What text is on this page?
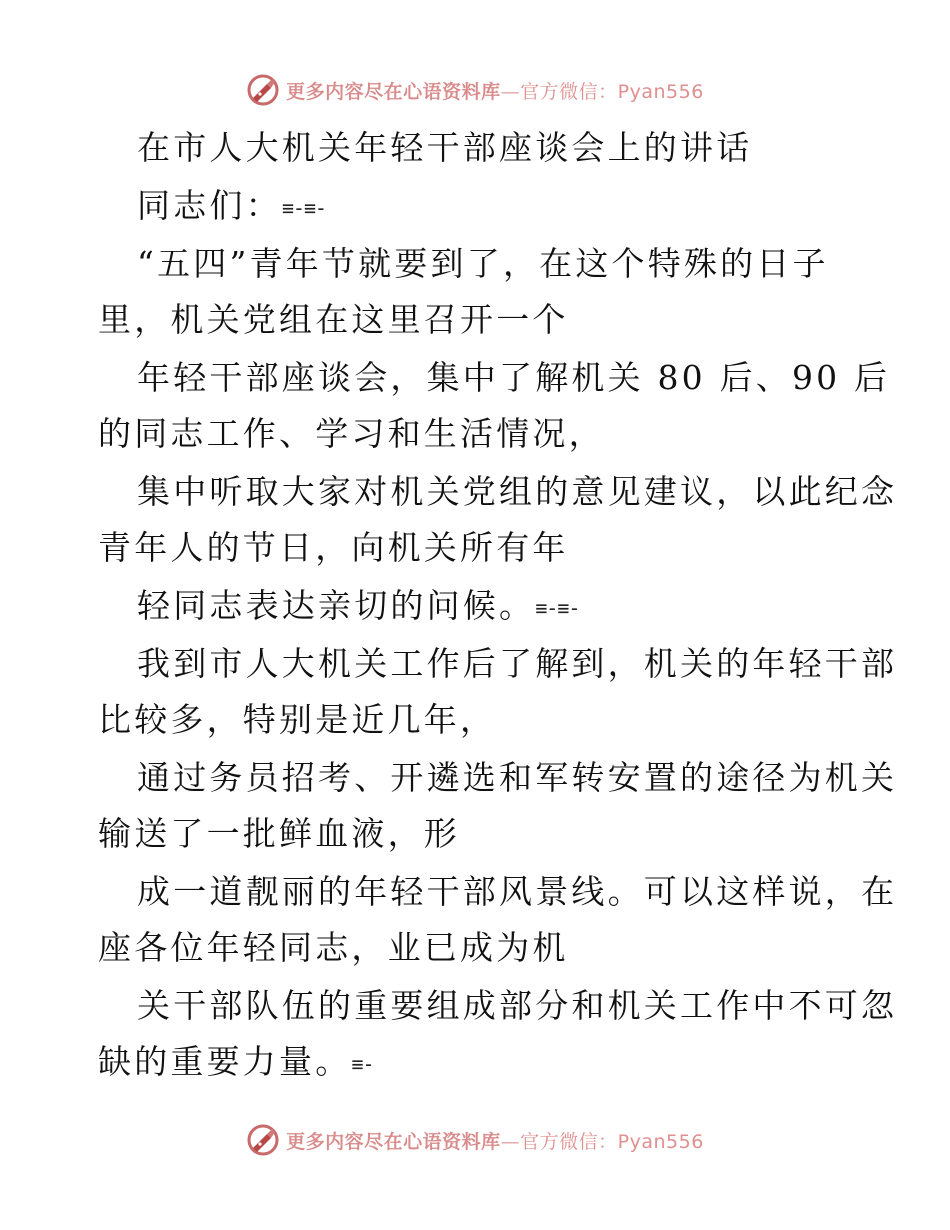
更多内容尽在心语资料库—官方微信：Pyan556
在市人大机关年轻干部座谈会上的讲话
同志们：≡-≡-
“五四”青年节就要到了，在这个特殊的日子
里，机关党组在这里召开一个
年轻干部座谈会，集中了解机关 80 后、90 后
的同志工作、学习和生活情况，
集中听取大家对机关党组的意见建议，以此纪念
青年人的节日，向机关所有年
轻同志表达亲切的问候。≡-≡-
我到市人大机关工作后了解到，机关的年轻干部
比较多，特别是近几年，
通过务员招考、开遴选和军转安置的途径为机关
输送了一批鲜血液，形
成一道靓丽的年轻干部风景线。可以这样说，在
座各位年轻同志，业已成为机
关干部队伍的重要组成部分和机关工作中不可忽
缺的重要力量。≡-
更多内容尽在心语资料库—官方微信：Pyan556
